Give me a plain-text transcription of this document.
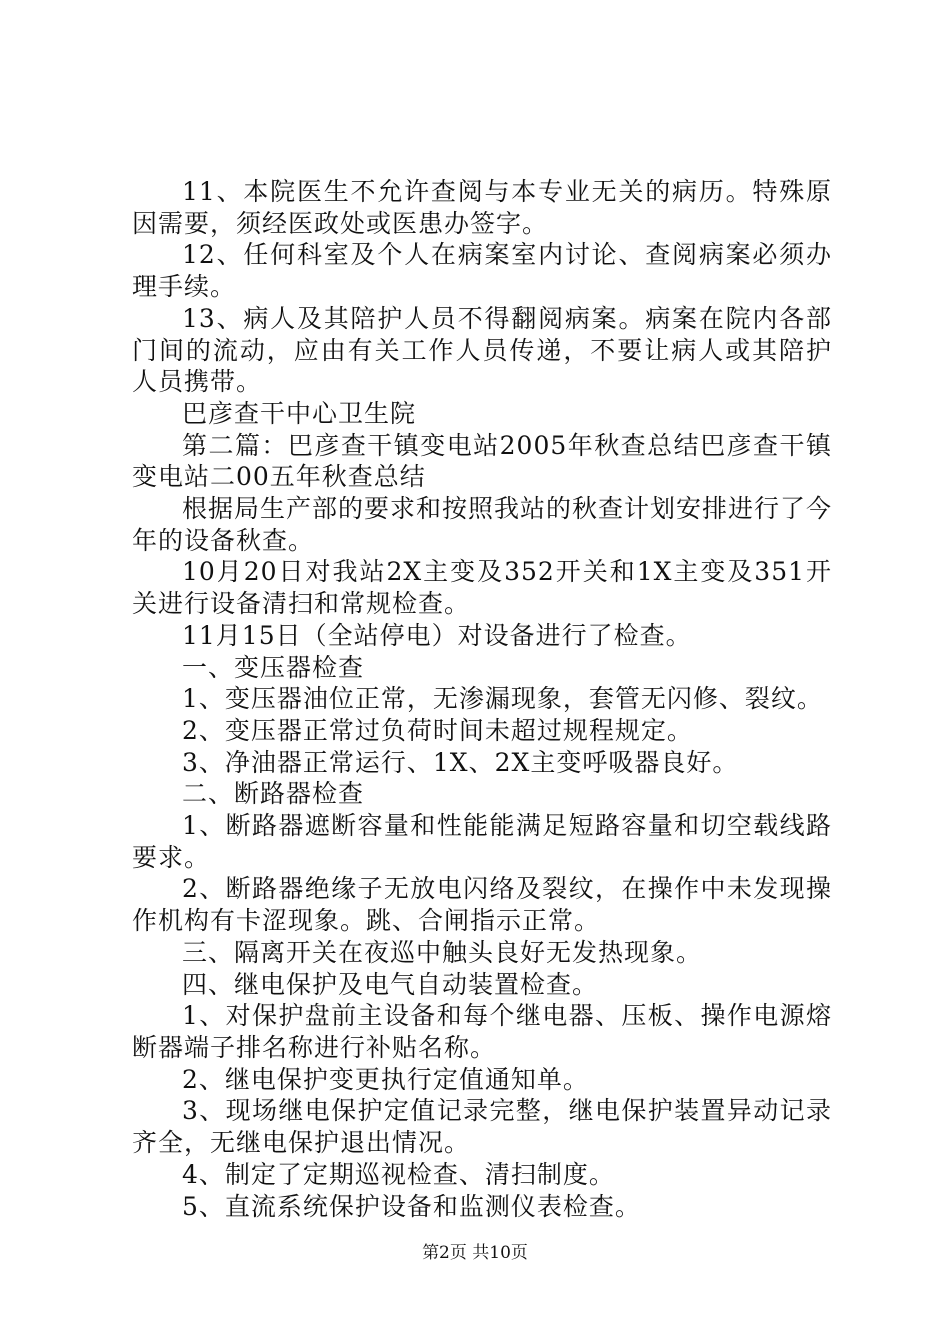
11、本院医生不允许查阅与本专业无关的病历。特殊原因需要，须经医政处或医患办签字。

12、任何科室及个人在病案室内讨论、查阅病案必须办理手续。

13、病人及其陪护人员不得翻阅病案。病案在院内各部门间的流动，应由有关工作人员传递，不要让病人或其陪护人员携带。

巴彦查干中心卫生院

第二篇：巴彦查干镇变电站2005年秋查总结巴彦查干镇变电站二00五年秋查总结

根据局生产部的要求和按照我站的秋查计划安排进行了今年的设备秋查。

10月20日对我站2X主变及352开关和1X主变及351开关进行设备清扫和常规检查。

11月15日（全站停电）对设备进行了检查。

一、变压器检查

1、变压器油位正常，无渗漏现象，套管无闪修、裂纹。

2、变压器正常过负荷时间未超过规程规定。

3、净油器正常运行、1X、2X主变呼吸器良好。

二、断路器检查

1、断路器遮断容量和性能能满足短路容量和切空载线路要求。

2、断路器绝缘子无放电闪络及裂纹，在操作中未发现操作机构有卡涩现象。跳、合闸指示正常。

三、隔离开关在夜巡中触头良好无发热现象。

四、继电保护及电气自动装置检查。

1、对保护盘前主设备和每个继电器、压板、操作电源熔断器端子排名称进行补贴名称。

2、继电保护变更执行定值通知单。

3、现场继电保护定值记录完整，继电保护装置异动记录齐全，无继电保护退出情况。

4、制定了定期巡视检查、清扫制度。

5、直流系统保护设备和监测仪表检查。

第2页 共10页
